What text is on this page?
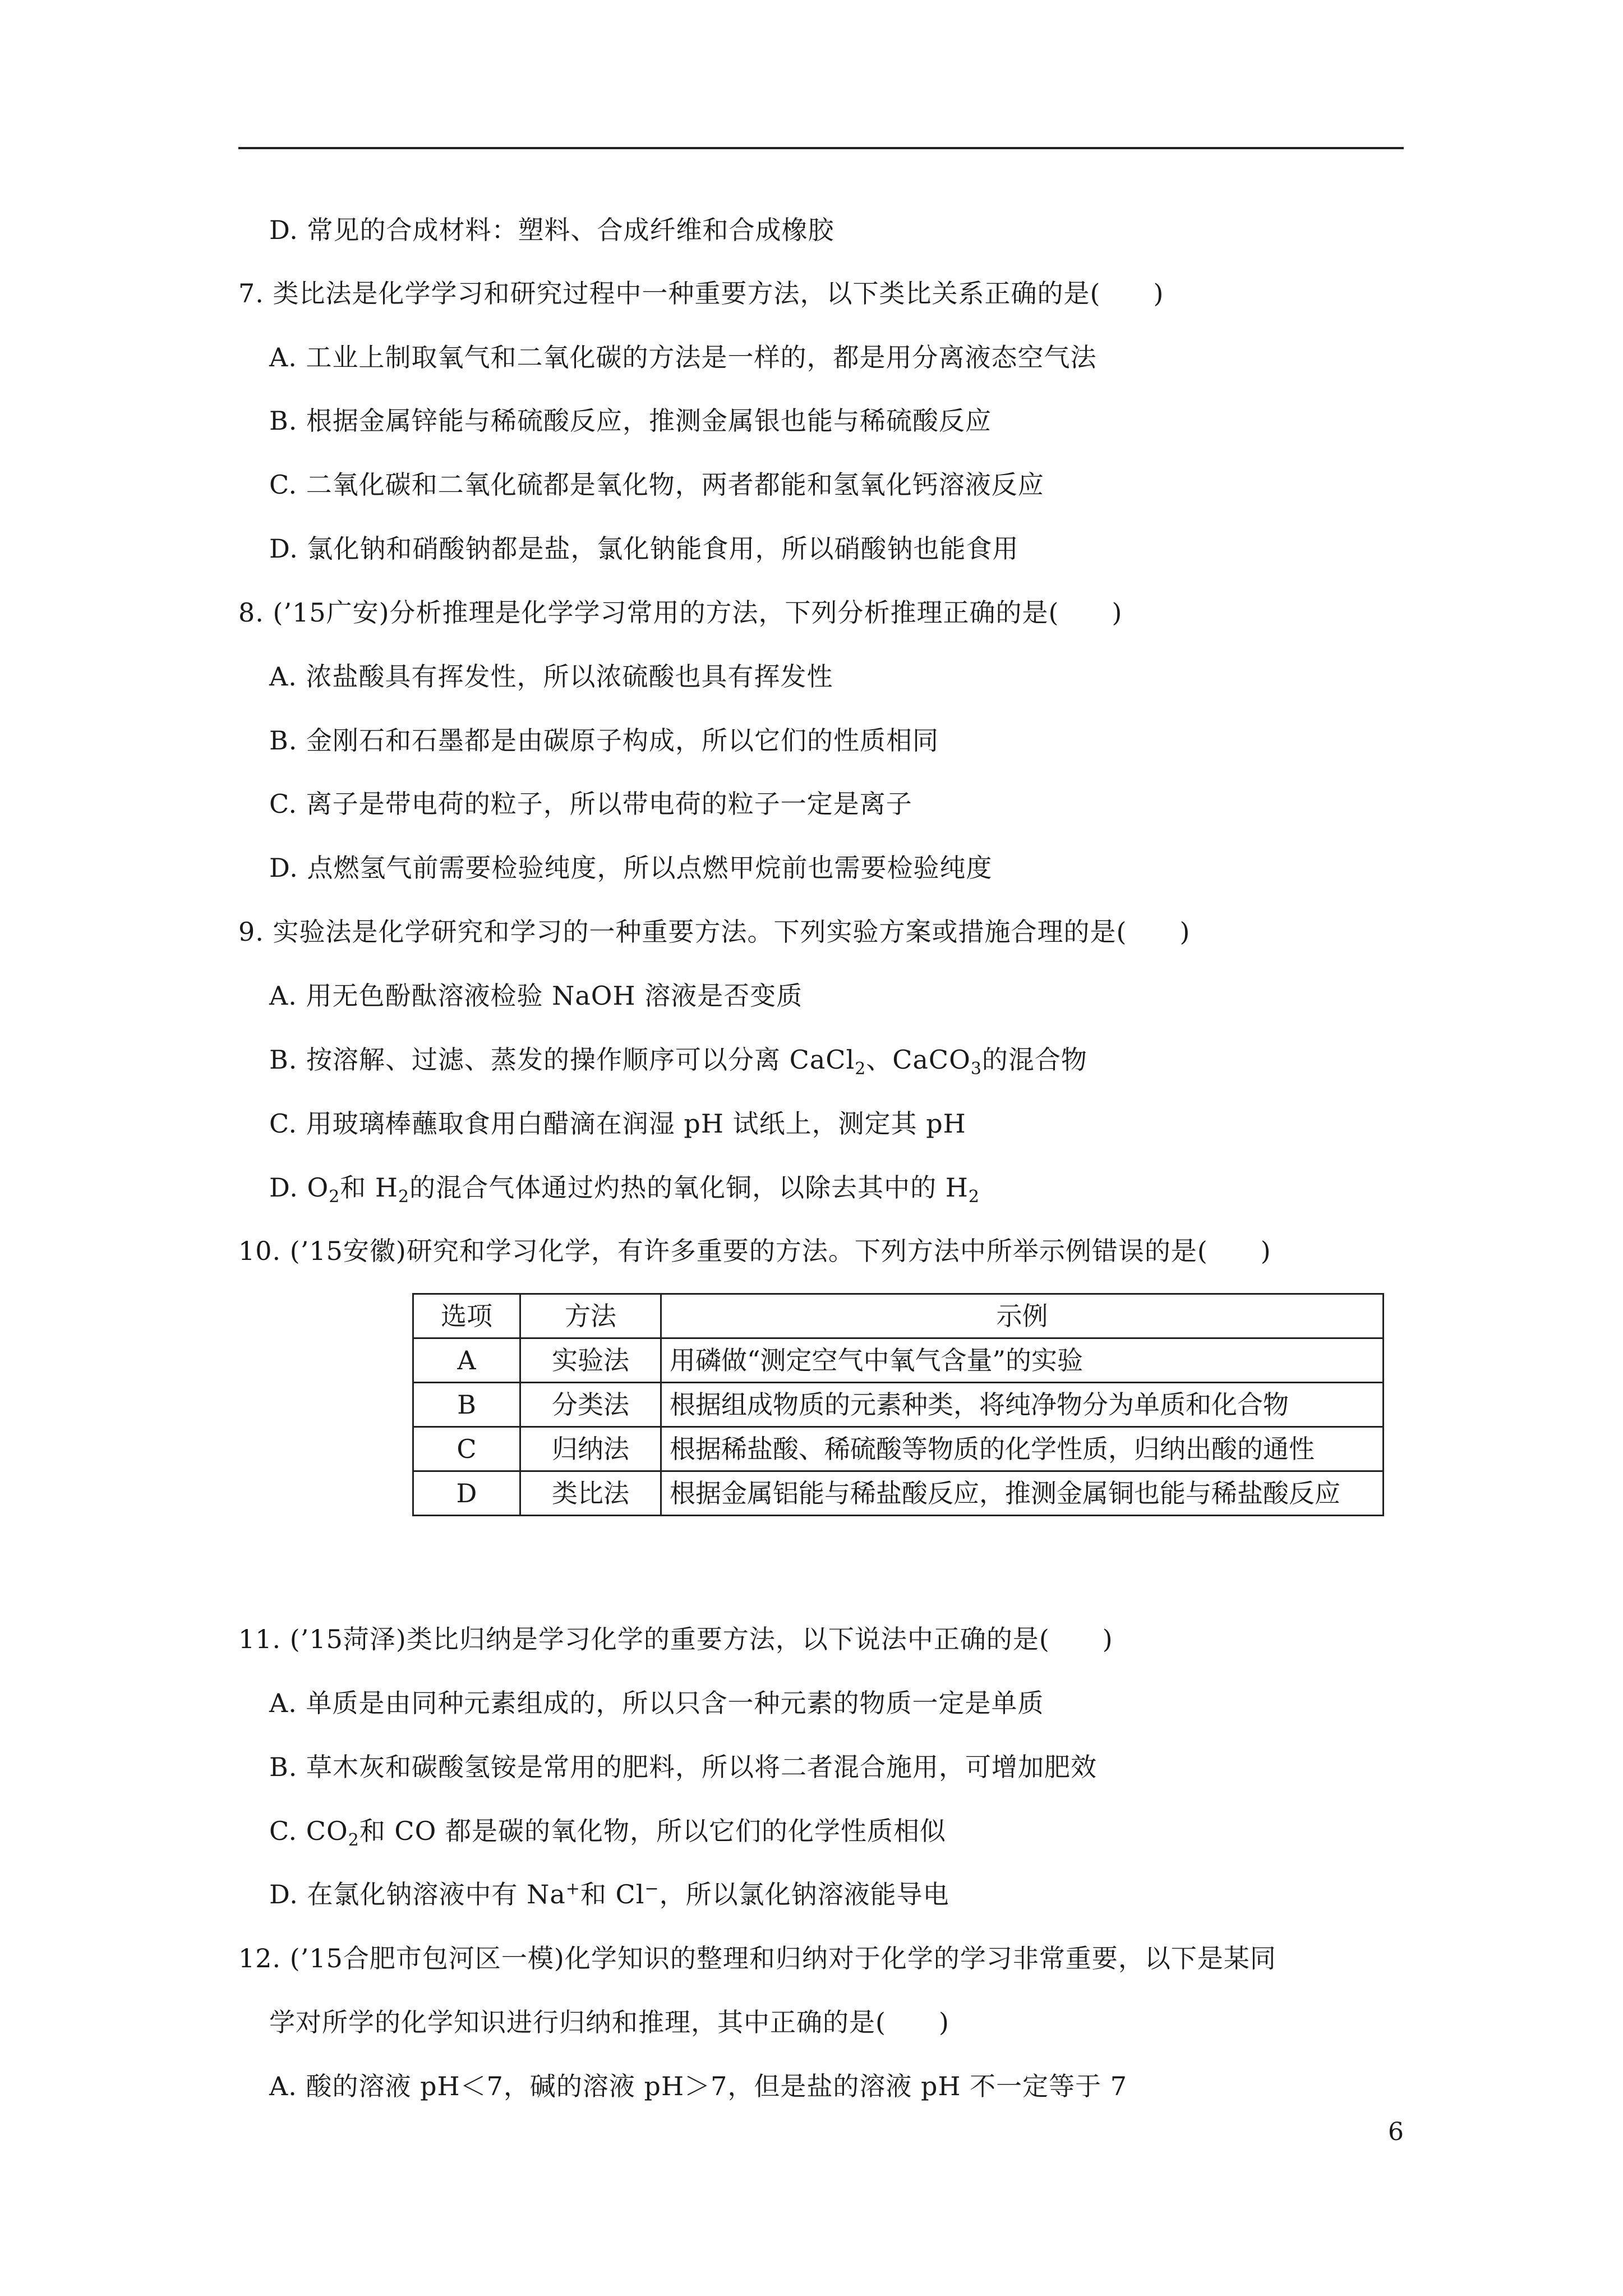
D. 常见的合成材料：塑料、合成纤维和合成橡胶
7. 类比法是化学学习和研究过程中一种重要方法，以下类比关系正确的是(　　)
A. 工业上制取氧气和二氧化碳的方法是一样的，都是用分离液态空气法
B. 根据金属锌能与稀硫酸反应，推测金属银也能与稀硫酸反应
C. 二氧化碳和二氧化硫都是氧化物，两者都能和氢氧化钙溶液反应
D. 氯化钠和硝酸钠都是盐，氯化钠能食用，所以硝酸钠也能食用
8. (’15广安)分析推理是化学学习常用的方法，下列分析推理正确的是(　　)
A. 浓盐酸具有挥发性，所以浓硫酸也具有挥发性
B. 金刚石和石墨都是由碳原子构成，所以它们的性质相同
C. 离子是带电荷的粒子，所以带电荷的粒子一定是离子
D. 点燃氢气前需要检验纯度，所以点燃甲烷前也需要检验纯度
9. 实验法是化学研究和学习的一种重要方法。下列实验方案或措施合理的是(　　)
A. 用无色酚酞溶液检验 NaOH 溶液是否变质
B. 按溶解、过滤、蒸发的操作顺序可以分离 CaCl$_2$、CaCO$_3$的混合物
C. 用玻璃棒蘸取食用白醋滴在润湿 pH 试纸上，测定其 pH
D. $O_2$和 $H_2$的混合气体通过灼热的氧化铜，以除去其中的 $H_2$
10. (’15安徽)研究和学习化学，有许多重要的方法。下列方法中所举示例错误的是(　　)
选项	方法	示例
A	实验法	用磷做“测定空气中氧气含量”的实验
B	分类法	根据组成物质的元素种类，将纯净物分为单质和化合物
C	归纳法	根据稀盐酸、稀硫酸等物质的化学性质，归纳出酸的通性
D	类比法	根据金属铝能与稀盐酸反应，推测金属铜也能与稀盐酸反应
11. (’15菏泽)类比归纳是学习化学的重要方法，以下说法中正确的是(　　)
A. 单质是由同种元素组成的，所以只含一种元素的物质一定是单质
B. 草木灰和碳酸氢铵是常用的肥料，所以将二者混合施用，可增加肥效
C. $CO_2$和 CO 都是碳的氧化物，所以它们的化学性质相似
D. 在氯化钠溶液中有 Na+和 Cl−，所以氯化钠溶液能导电
12. (’15合肥市包河区一模)化学知识的整理和归纳对于化学的学习非常重要，以下是某同
学对所学的化学知识进行归纳和推理，其中正确的是(　　)
A. 酸的溶液 pH＜7，碱的溶液 pH＞7，但是盐的溶液 pH 不一定等于 7
6
